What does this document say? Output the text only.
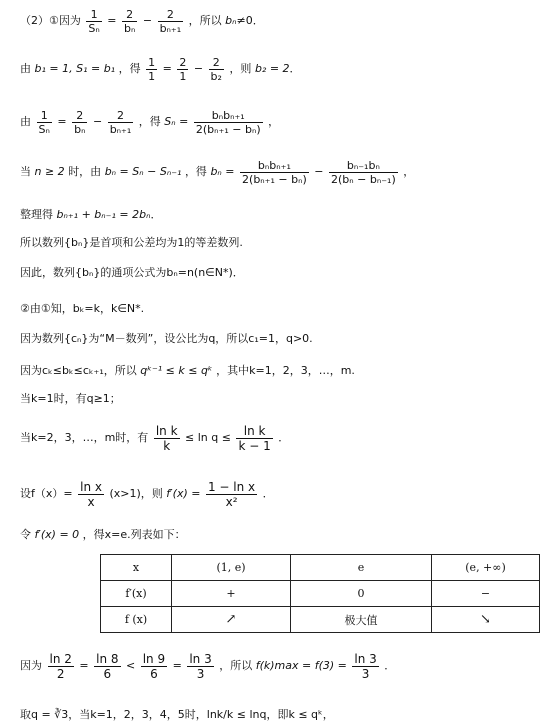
（2）①因为 $\frac{1}{\text{Sₙ}} = \frac{2}{\text{bₙ}} - \frac{2}{\text{bₙ₊₁}}$ ，所以 bₙ≠0．
由 b₁ = 1, S₁ = b₁ ，得 $\frac{1}{1} = \frac{2}{1} - \frac{2}{\text{b₂}}$ ，则 b₂ = 2．
由 $\frac{1}{\text{Sₙ}} = \frac{2}{\text{bₙ}} - \frac{2}{\text{bₙ₊₁}}$ ，得 $S_n = \frac{\text{bₙbₙ₊₁}}{\text{2(bₙ₊₁ − bₙ)}}$ ，
当 n ≥ 2 时，由 bₙ = Sₙ − Sₙ₋₁ ，得 $b_n = \frac{\text{bₙbₙ₊₁}}{\text{2(bₙ₊₁ − bₙ)}} - \frac{\text{bₙ₋₁bₙ}}{\text{2(bₙ − bₙ₋₁)}}$ ，
整理得 bₙ₊₁ + bₙ₋₁ = 2bₙ．
所以数列{bₙ}是首项和公差均为1的等差数列.
因此，数列{bₙ}的通项公式为bₙ=n(n∈N*)．
②由①知，bₖ=k，k∈N*.
因为数列{cₙ}为“M－数列”，设公比为q，所以c₁=1，q>0.
因为cₖ≤bₖ≤cₖ₊₁，所以 qᵏ⁻¹ ≤ k ≤ qᵏ ，其中k=1，2，3，…，m.
当k=1时，有q≥1；
当k=2，3，…，m时，有 $\frac{\text{ln k}}{k} \le \ln q \le \frac{\text{ln k}}{k - 1}$ ．
设$f(x)= \frac{\text{ln x}}{x} (x>1)$，则 $f'(x) = \frac{\text{1 − ln x}}{\text{x²}}$ ．
令 f′(x) = 0 ，得x=e.列表如下：
x	(1, e)	e	(e, +∞)
f′(x)	+	0	−
f (x)	↗	极大值	↘
因为 $\frac{\ln 2}{2} = \frac{\ln 8}{6} < \frac{\ln 9}{6} = \frac{\ln 3}{3}$ ，所以 $f(k)\max = f(3) = \frac{\ln 3}{3}$ ．
取q = ∛3，当k=1，2，3，4，5时，lnk/k ≤ lnq，即k ≤ qᵏ，
